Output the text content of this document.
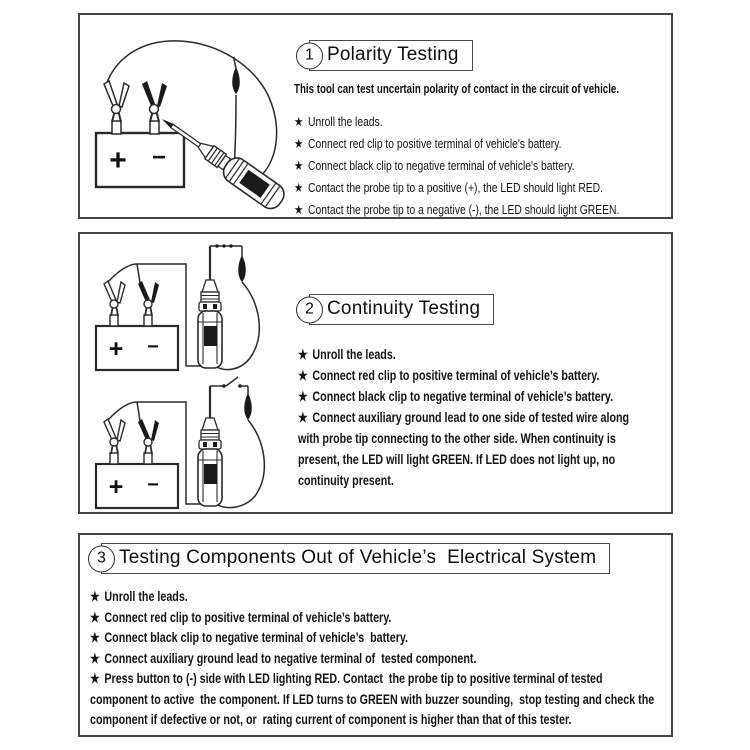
+ −
1 Polarity Testing
This tool can test uncertain polarity of contact in the circuit of vehicle.
★ Unroll the leads.
★ Connect red clip to positive terminal of vehicle's battery.
★ Connect black clip to negative terminal of vehicle's battery.
★ Contact the probe tip to a positive (+), the LED should light RED.
★ Contact the probe tip to a negative (-), the LED should light GREEN.
+ −
+ −
2 Continuity Testing
★ Unroll the leads.
★ Connect red clip to positive terminal of vehicle’s battery.
★ Connect black clip to negative terminal of vehicle’s battery.
★ Connect auxiliary ground lead to one side of tested wire along with probe tip connecting to the other side. When continuity is present, the LED will light GREEN. If LED does not light up, no continuity present.
3 Testing Components Out of Vehicle’s  Electrical System
★ Unroll the leads.
★ Connect red clip to positive terminal of vehicle’s battery.
★ Connect black clip to negative terminal of vehicle’s  battery.
★ Connect auxiliary ground lead to negative terminal of  tested component.
★ Press button to (-) side with LED lighting RED. Contact  the probe tip to positive terminal of tested component to active  the component. If LED turns to GREEN with buzzer sounding,  stop testing and check the component if defective or not, or  rating current of component is higher than that of this tester.
